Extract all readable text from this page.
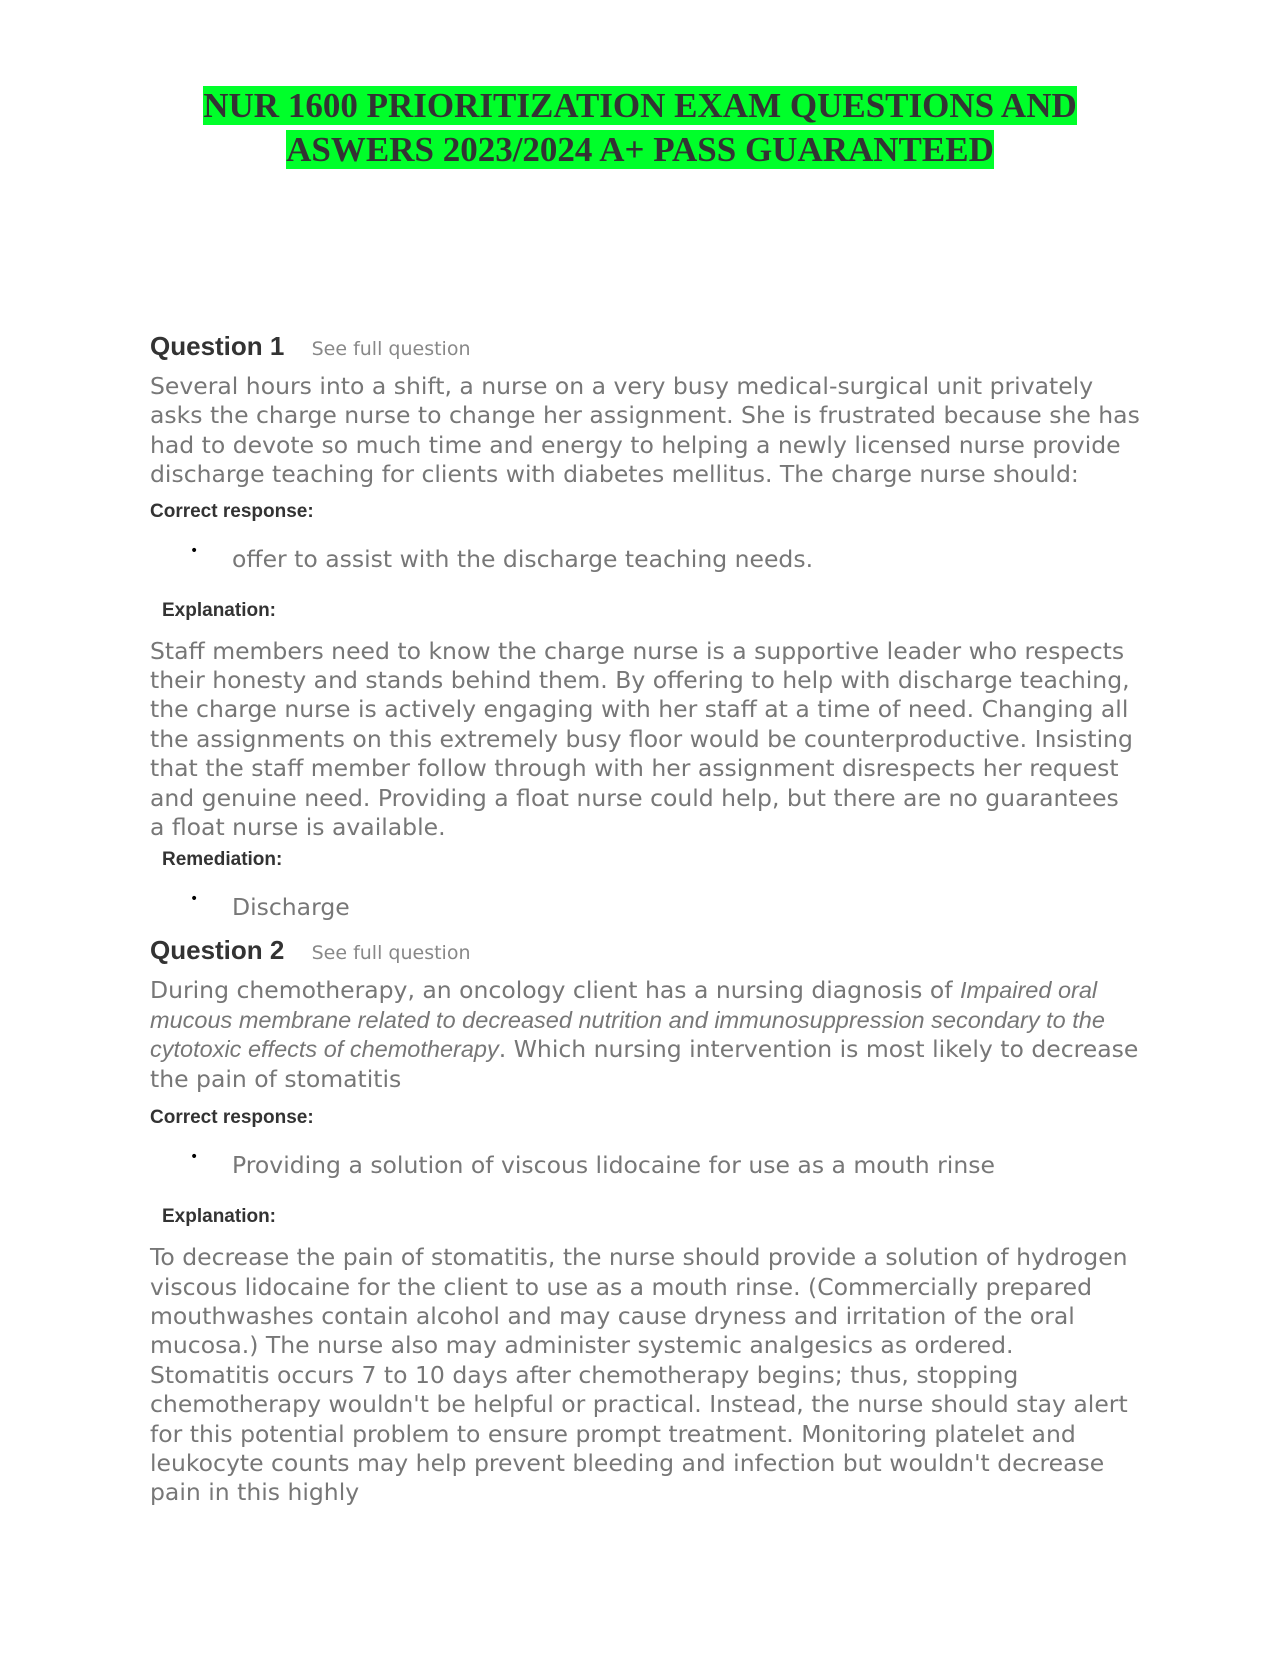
NUR 1600 PRIORITIZATION EXAM QUESTIONS AND
ASWERS 2023/2024 A+ PASS GUARANTEED
Question 1 See full question

Several hours into a shift, a nurse on a very busy medical-surgical unit privately asks the charge nurse to change her assignment. She is frustrated because she has had to devote so much time and energy to helping a newly licensed nurse provide discharge teaching for clients with diabetes mellitus. The charge nurse should:

Correct response:

• offer to assist with the discharge teaching needs.

Explanation:

Staff members need to know the charge nurse is a supportive leader who respects their honesty and stands behind them. By offering to help with discharge teaching, the charge nurse is actively engaging with her staff at a time of need. Changing all the assignments on this extremely busy floor would be counterproductive. Insisting that the staff member follow through with her assignment disrespects her request and genuine need. Providing a float nurse could help, but there are no guarantees a float nurse is available.

Remediation:

• Discharge
Question 2 See full question

During chemotherapy, an oncology client has a nursing diagnosis of Impaired oral mucous membrane related to decreased nutrition and immunosuppression secondary to the cytotoxic effects of chemotherapy. Which nursing intervention is most likely to decrease the pain of stomatitis

Correct response:

• Providing a solution of viscous lidocaine for use as a mouth rinse

Explanation:

To decrease the pain of stomatitis, the nurse should provide a solution of hydrogen viscous lidocaine for the client to use as a mouth rinse. (Commercially prepared mouthwashes contain alcohol and may cause dryness and irritation of the oral mucosa.) The nurse also may administer systemic analgesics as ordered. Stomatitis occurs 7 to 10 days after chemotherapy begins; thus, stopping chemotherapy wouldn't be helpful or practical. Instead, the nurse should stay alert for this potential problem to ensure prompt treatment. Monitoring platelet and leukocyte counts may help prevent bleeding and infection but wouldn't decrease pain in this highly
